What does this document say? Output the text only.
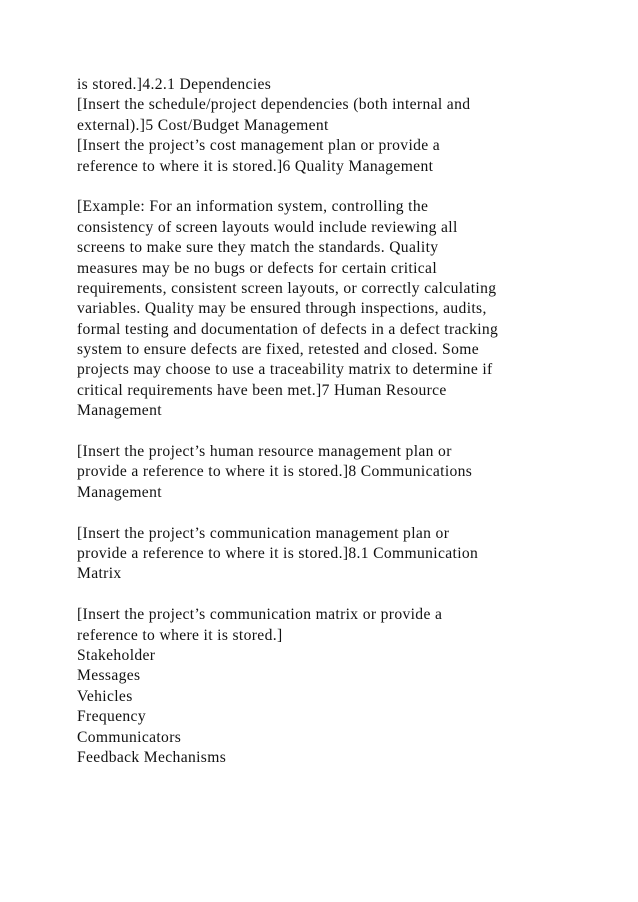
is stored.]4.2.1 Dependencies
[Insert the schedule/project dependencies (both internal and
external).]5 Cost/Budget Management
[Insert the project’s cost management plan or provide a
reference to where it is stored.]6 Quality Management
[Example: For an information system, controlling the
consistency of screen layouts would include reviewing all
screens to make sure they match the standards. Quality
measures may be no bugs or defects for certain critical
requirements, consistent screen layouts, or correctly calculating
variables. Quality may be ensured through inspections, audits,
formal testing and documentation of defects in a defect tracking
system to ensure defects are fixed, retested and closed. Some
projects may choose to use a traceability matrix to determine if
critical requirements have been met.]7 Human Resource
Management
[Insert the project’s human resource management plan or
provide a reference to where it is stored.]8 Communications
Management
[Insert the project’s communication management plan or
provide a reference to where it is stored.]8.1 Communication
Matrix
[Insert the project’s communication matrix or provide a
reference to where it is stored.]
Stakeholder
Messages
Vehicles
Frequency
Communicators
Feedback Mechanisms
